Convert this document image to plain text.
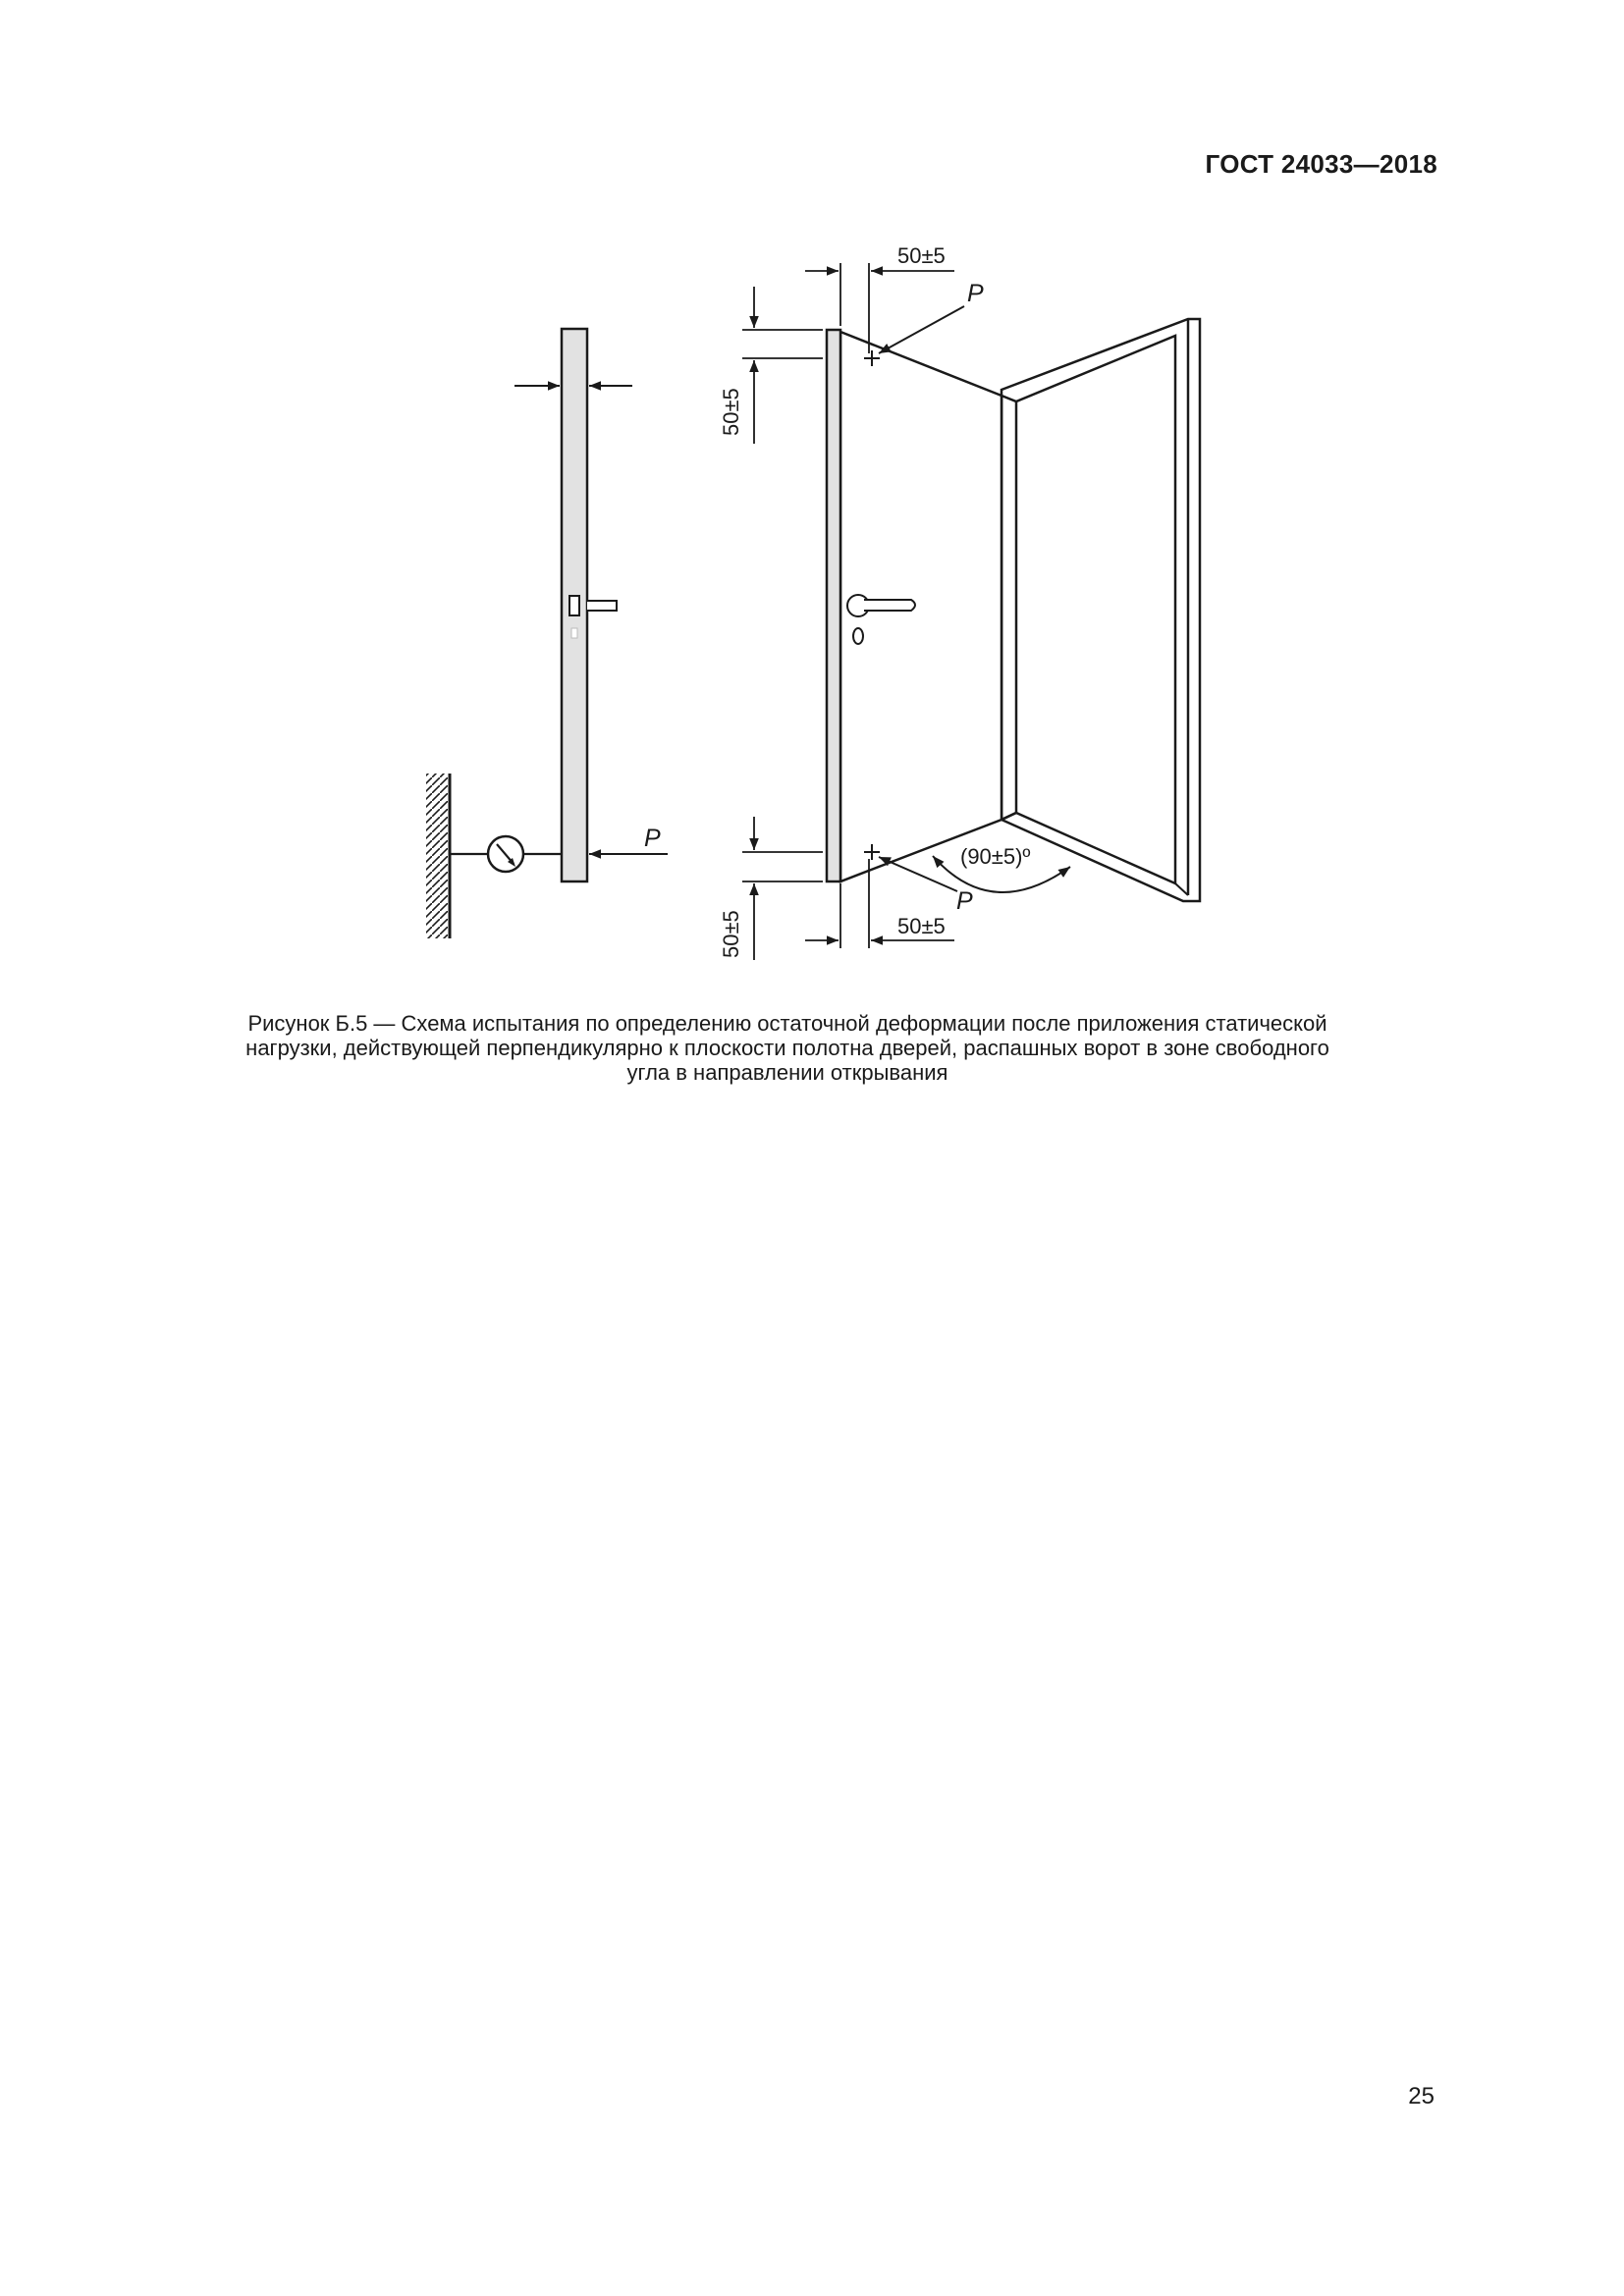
ГОСТ 24033—2018
P
P
P
(90±5)º
50±5
50±5
50±5
50±5
Рисунок Б.5 — Схема испытания по определению остаточной деформации после приложения статической
нагрузки, действующей перпендикулярно к плоскости полотна дверей, распашных ворот в зоне свободного
угла в направлении открывания
25
